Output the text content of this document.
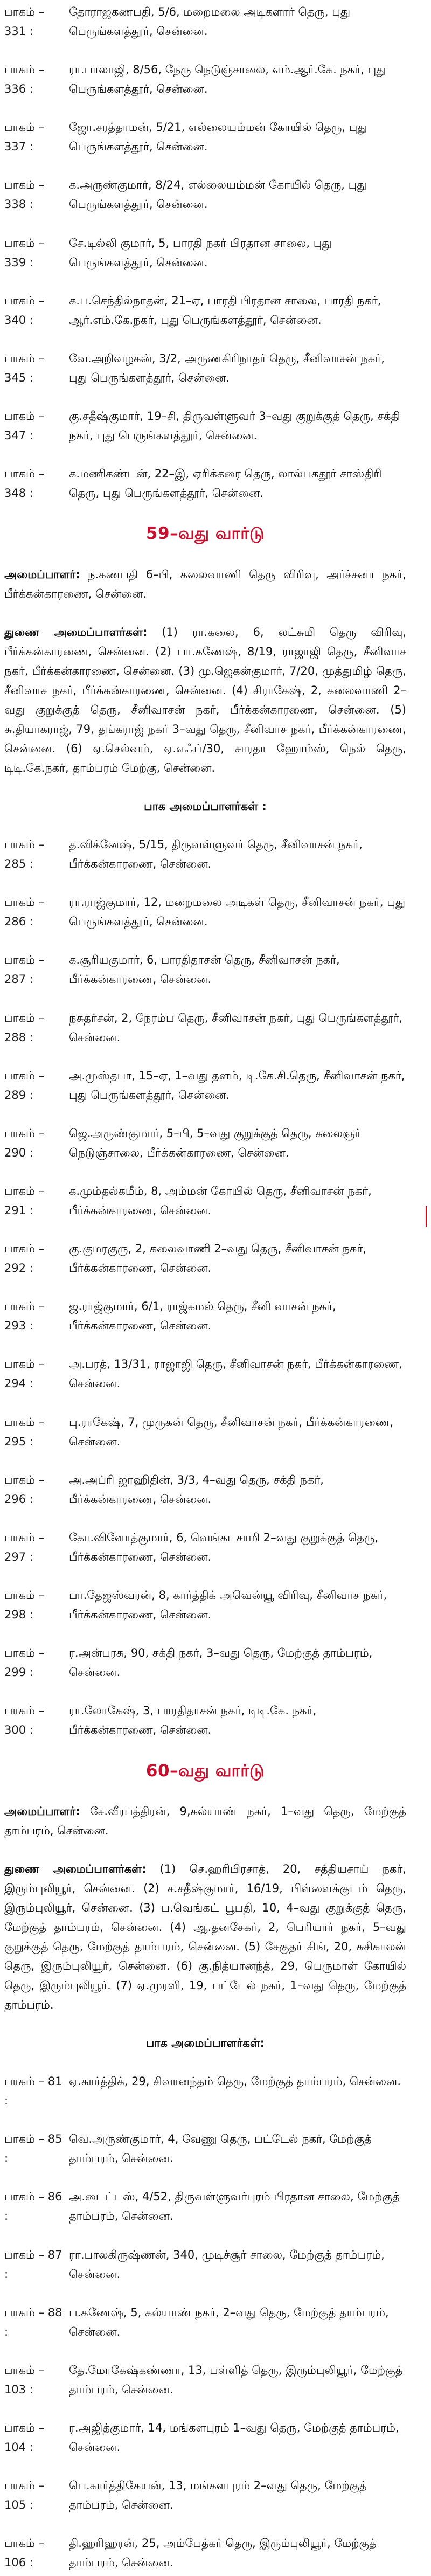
பாகம் – 331 :
தோராஜகணபதி, 5/6, மறைமலை அடிகளார் தெரு, புது பெருங்களத்தூர், சென்னை.
பாகம் – 336 :
ரா.பாலாஜி, 8/56, நேரு நெடுஞ்சாலை, எம்.ஆர்.கே. நகர், புது பெருங்களத்தூர், சென்னை.
பாகம் – 337 :
ஜோ.சரத்தாமன், 5/21, எல்லையம்மன் கோயில் தெரு, புது பெருங்களத்தூர், சென்னை.
பாகம் – 338 :
க.அருண்குமார், 8/24, எல்லையம்மன் கோயில் தெரு, புது பெருங்களத்தூர், சென்னை.
பாகம் – 339 :
சே.டில்லி குமார், 5, பாரதி நகர் பிரதான சாலை, புது பெருங்களத்தூர், சென்னை.
பாகம் – 340 :
க.ப.செந்தில்நாதன், 21–ஏ, பாரதி பிரதான சாலை, பாரதி நகர், ஆர்.எம்.கே.நகர், புது பெருங்களத்தூர், சென்னை.
பாகம் – 345 :
வே.அறிவழகன், 3/2, அருணகிரிநாதர் தெரு, சீனிவாசன் நகர், புது பெருங்களத்தூர், சென்னை.
பாகம் – 347 :
கு.சதீஷ்குமார், 19–சி, திருவள்ளுவர் 3–வது குறுக்குத் தெரு, சக்தி நகர், புது பெருங்களத்தூர், சென்னை.
பாகம் – 348 :
க.மணிகண்டன், 22–இ, ஏரிக்கரை தெரு, லால்பகதூர் சாஸ்திரி தெரு, புது பெருங்களத்தூர், சென்னை.
59–வது வார்டு
அமைப்பாளர்: ந.கணபதி 6–பி, கலைவாணி தெரு விரிவு, அர்ச்சனா நகர், பீர்க்கன்காரணை, சென்னை.
துணை அமைப்பாளர்கள்: (1) ரா.கலை, 6, லட்சுமி தெரு விரிவு, பீர்க்கன்காரணை, சென்னை. (2) பா.கணேஷ், 8/19, ராஜாஜி தெரு, சீனிவாச நகர், பீர்க்கன்காரணை, சென்னை. (3) மு.ஜெகன்குமார், 7/20, முத்துமிழ் தெரு, சீனிவாச நகர், பீர்க்கன்காரணை, சென்னை. (4) சிராகேஷ், 2, கலைவாணி 2–வது குறுக்குத் தெரு, சீனிவாசன் நகர், பீர்க்கன்காரணை, சென்னை. (5) சு.தியாகராஜ், 79, தங்கராஜ் நகர் 3–வது தெரு, சீனிவாச நகர், பீர்க்கன்காரணை, சென்னை. (6) ஏ.செல்வம், ஏ.எஃப்/30, சாரதா ஹோம்ஸ், நெல் தெரு, டிடி.கே.நகர், தாம்பரம் மேற்கு, சென்னை.
பாக அமைப்பாளர்கள் :
பாகம் – 285 :
த.விக்னேஷ், 5/15, திருவள்ளுவர் தெரு, சீனிவாசன் நகர், பீர்க்கன்காரணை, சென்னை.
பாகம் – 286 :
ரா.ராஜ்குமார், 12, மறைமலை அடிகள் தெரு, சீனிவாசன் நகர், புது பெருங்களத்தூர், சென்னை.
பாகம் – 287 :
க.சூரியகுமார், 6, பாரதிதாசன் தெரு, சீனிவாசன் நகர், பீர்க்கன்காரணை, சென்னை.
பாகம் – 288 :
நசுதர்சன், 2, நேரம்ப தெரு, சீனிவாசன் நகர், புது பெருங்களத்தூர், சென்னை.
பாகம் – 289 :
அ.முஸ்தபா, 15–ஏ, 1–வது தளம், டி.கே.சி.தெரு, சீனிவாசன் நகர், புது பெருங்களத்தூர், சென்னை.
பாகம் – 290 :
ஜெ.அருண்குமார், 5–பி, 5–வது குறுக்குத் தெரு, கலைஞர் நெடுஞ்சாலை, பீர்க்கன்காரணை, சென்னை.
பாகம் – 291 :
க.மும்தல்கமீம், 8, அம்மன் கோயில் தெரு, சீனிவாசன் நகர், பீர்க்கன்காரணை, சென்னை.
பாகம் – 292 :
கு.குமரகுரு, 2, கலைவாணி 2–வது தெரு, சீனிவாசன் நகர், பீர்க்கன்காரணை, சென்னை.
பாகம் – 293 :
ஜ.ராஜ்குமார், 6/1, ராஜ்கமல் தெரு, சீனி வாசன் நகர், பீர்க்கன்காரணை, சென்னை.
பாகம் – 294 :
அ.பரத், 13/31, ராஜாஜி தெரு, சீனிவாசன் நகர், பீர்க்கன்காரணை, சென்னை.
பாகம் – 295 :
பு.ராகேஷ், 7, முருகன் தெரு, சீனிவாசன் நகர், பீர்க்கன்காரணை, சென்னை.
பாகம் – 296 :
அ.அப்ரி ஜாஹிதின், 3/3, 4–வது தெரு, சக்தி நகர், பீர்க்கன்காரணை, சென்னை.
பாகம் – 297 :
கோ.விளோத்குமார், 6, வெங்கடசாமி 2–வது குறுக்குத் தெரு, பீர்க்கன்காரணை, சென்னை.
பாகம் – 298 :
பா.தேஜஸ்வரன், 8, கார்த்திக் அவென்யூ விரிவு, சீனிவாச நகர், பீர்க்கன்காரணை, சென்னை.
பாகம் – 299 :
ர.அன்பரசு, 90, சக்தி நகர், 3–வது தெரு, மேற்குத் தாம்பரம், சென்னை.
பாகம் – 300 :
ரா.லோகேஷ், 3, பாரதிதாசன் நகர், டிடி.கே. நகர், பீர்க்கன்காரணை, சென்னை.
60–வது வார்டு
அமைப்பாளர்: சே.வீரபத்திரன், 9,கல்யாண் நகர், 1–வது தெரு, மேற்குத் தாம்பரம், சென்னை.
துணை அமைப்பாளர்கள்: (1) செ.ஹரிபிரசாத், 20, சத்தியசாய் நகர், இரும்புலியூர், சென்னை. (2) ச.சதீஷ்குமார், 16/19, பிள்ளைக்குடம் தெரு, இரும்புலியூர், சென்னை. (3) ப.வெங்கட் பூபதி, 10, 4–வது குறுக்குத் தெரு, மேற்குத் தாம்பரம், சென்னை. (4) ஆ.தனசேகர், 2, பெரியார் நகர், 5–வது குறுக்குத் தெரு, மேற்குத் தாம்பரம், சென்னை. (5) சேகுதர் சிங், 20, சுசிகாலன் தெரு, இரும்புலியூர், சென்னை. (6) கு.நித்யானந்த், 29, பெருமாள் கோயில் தெரு, இரும்புலியூர். (7) ஏ.முரளி, 19, பட்டேல் நகர், 1–வது தெரு, மேற்குத் தாம்பரம்.
பாக அமைப்பாளர்கள்:
பாகம் – 81 :
ஏ.கார்த்திக், 29, சிவானந்தம் தெரு, மேற்குத் தாம்பரம், சென்னை.
பாகம் – 85 :
வெ.அருண்குமார், 4, வேணு தெரு, பட்டேல் நகர், மேற்குத் தாம்பரம், சென்னை.
பாகம் – 86 :
அ.டைட்டஸ், 4/52, திருவள்ளுவர்புரம் பிரதான சாலை, மேற்குத் தாம்பரம், சென்னை.
பாகம் – 87 :
ரா.பாலகிருஷ்ணன், 340, முடிச்சூர் சாலை, மேற்குத் தாம்பரம், சென்னை.
பாகம் – 88 :
ப.கணேஷ், 5, கல்யாண் நகர், 2–வது தெரு, மேற்குத் தாம்பரம், சென்னை.
பாகம் – 103 :
தே.மோகேஷ்கண்ணா, 13, பள்ளித் தெரு, இரும்புலியூர், மேற்குத் தாம்பரம், சென்னை.
பாகம் – 104 :
ர.அஜித்குமார், 14, மங்களபுரம் 1–வது தெரு, மேற்குத் தாம்பரம், சென்னை.
பாகம் – 105 :
பெ.கார்த்திகேயன், 13, மங்களபுரம் 2–வது தெரு, மேற்குத் தாம்பரம், சென்னை.
பாகம் – 106 :
தி.ஹரிஹரன், 25, அம்பேத்கர் தெரு, இரும்புலியூர், மேற்குத் தாம்பரம், சென்னை.
